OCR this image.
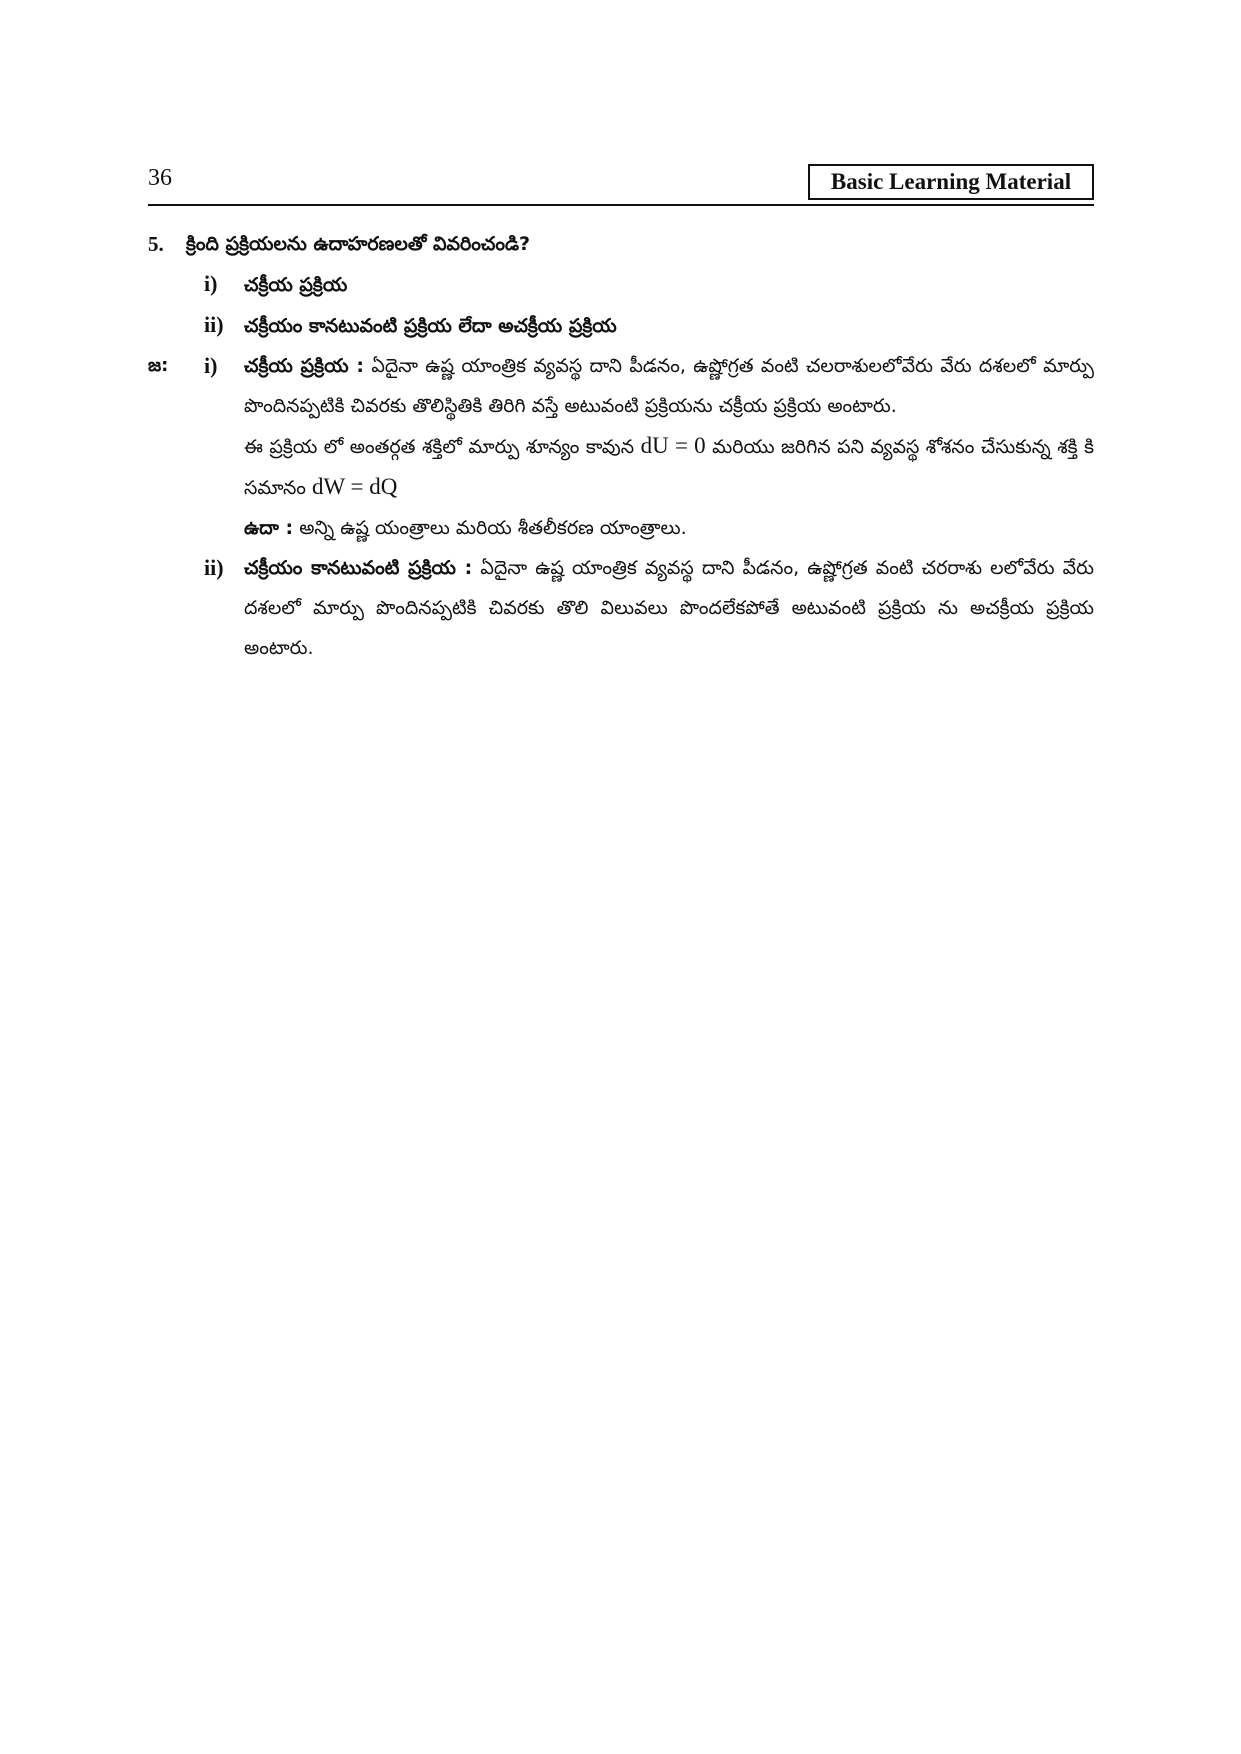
36	Basic Learning Material
5.	క్రింది ప్రక్రియలను ఉదాహరణలతో వివరించండి?
i) చక్రీయ ప్రక్రియ
ii) చక్రీయం కానటువంటి ప్రక్రియ లేదా అచక్రీయ ప్రక్రియ
జ: i)	చక్రీయ ప్రక్రియ : ఏదైనా ఉష్ణ యాంత్రిక వ్యవస్థ దాని పీడనం, ఉష్ణోగ్రత వంటి చలరాశులలోవేరు వేరు దశలలో మార్పు పొందినప్పటికి చివరకు తొలిస్థితికి తిరిగి వస్తే అటువంటి ప్రక్రియను చక్రీయ ప్రక్రియ అంటారు.
ఈ ప్రక్రియ లో అంతర్గత శక్తిలో మార్పు శూన్యం కావున dU = 0 మరియు జరిగిన పని వ్యవస్థ శోశనం చేసుకున్న శక్తి కి సమానం dW = dQ
ఉదా : అన్ని ఉష్ణ యంత్రాలు మరియ శీతలీకరణ యాంత్రాలు.
ii)	చక్రీయం కానటువంటి ప్రక్రియ : ఏదైనా ఉష్ణ యాంత్రిక వ్యవస్థ దాని పీడనం, ఉష్ణోగ్రత వంటి చరరాశు లలోవేరు వేరు దశలలో మార్పు పొందినప్పటికి చివరకు తొలి విలువలు పొందలేకపోతే అటువంటి ప్రక్రియ ను అచక్రీయ ప్రక్రియ అంటారు.
